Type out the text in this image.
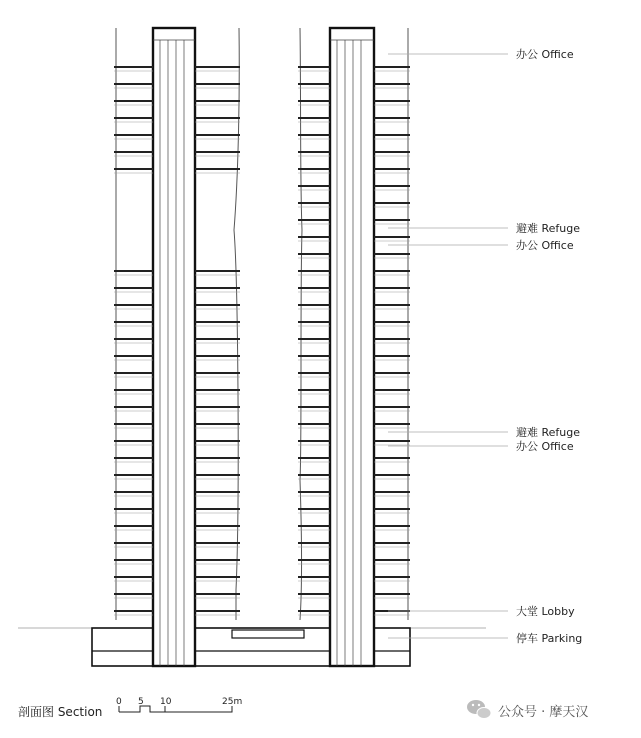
办公 Office
避难 Refuge
办公 Office
避难 Refuge
办公 Office
大堂 Lobby
停车 Parking
剖面图 Section
0 5 10	25m
公众号 · 摩天汉
